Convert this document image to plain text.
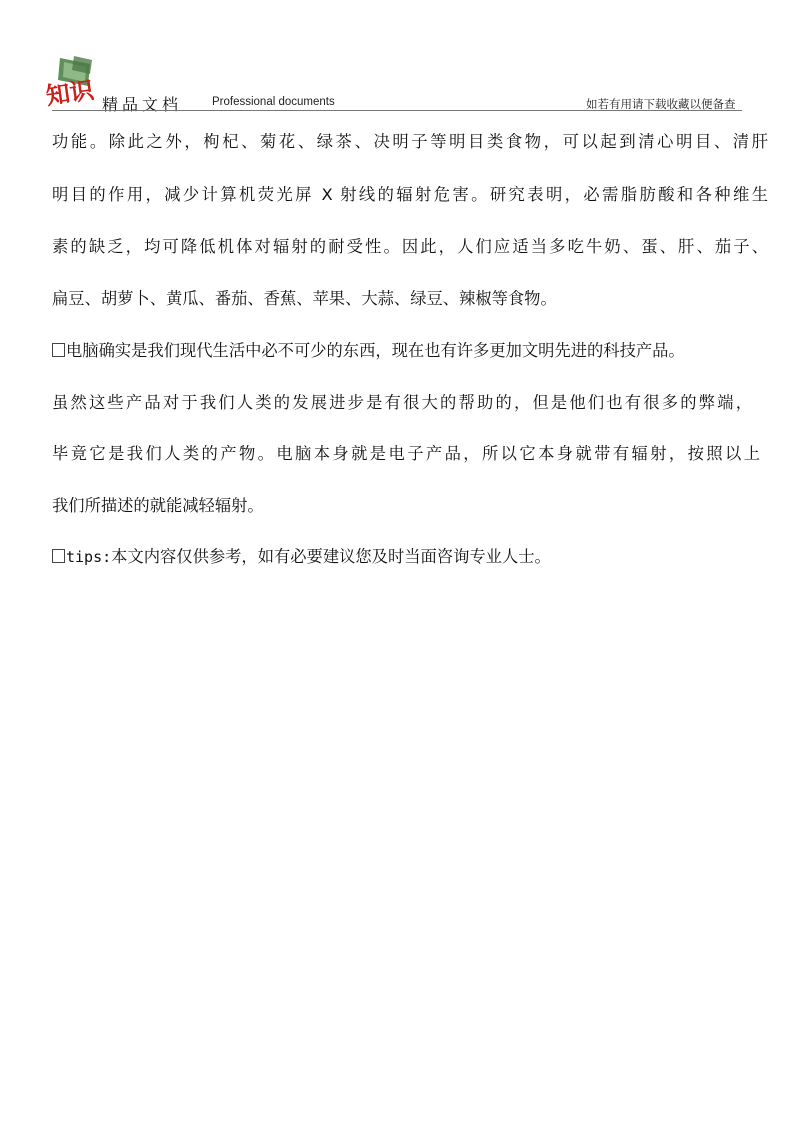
知识 精品文档	Professional documents	如若有用请下载收藏以便备查
功能。除此之外，枸杞、菊花、绿茶、决明子等明目类食物，可以起到清心明目、清肝
明目的作用，减少计算机荧光屏 X 射线的辐射危害。研究表明，必需脂肪酸和各种维生
素的缺乏，均可降低机体对辐射的耐受性。因此，人们应适当多吃牛奶、蛋、肝、茄子、
扁豆、胡萝卜、黄瓜、番茄、香蕉、苹果、大蒜、绿豆、辣椒等食物。
电脑确实是我们现代生活中必不可少的东西，现在也有许多更加文明先进的科技产品。
虽然这些产品对于我们人类的发展进步是有很大的帮助的，但是他们也有很多的弊端，
毕竟它是我们人类的产物。电脑本身就是电子产品，所以它本身就带有辐射，按照以上
我们所描述的就能减轻辐射。
tips:本文内容仅供参考，如有必要建议您及时当面咨询专业人士。
